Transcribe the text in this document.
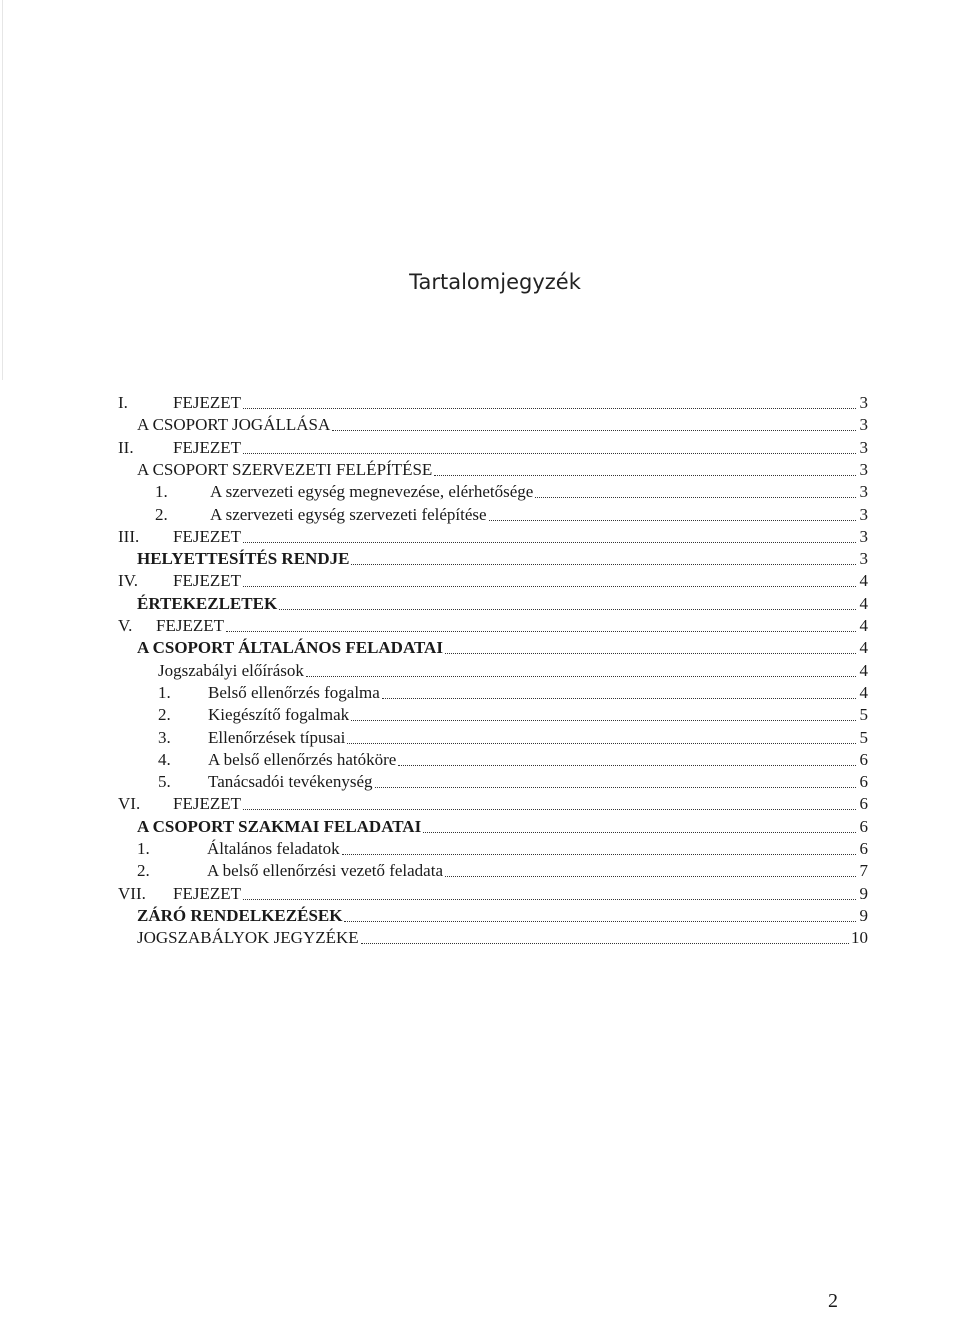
Tartalomjegyzék
I.	FEJEZET	3
A CSOPORT JOGÁLLÁSA	3
II.	FEJEZET	3
A CSOPORT SZERVEZETI FELÉPÍTÉSE	3
1.	A szervezeti egység megnevezése, elérhetősége	3
2.	A szervezeti egység szervezeti felépítése	3
III.	FEJEZET	3
HELYETTESÍTÉS RENDJE	3
IV.	FEJEZET	4
ÉRTEKEZLETEK	4
V.	FEJEZET	4
A CSOPORT ÁLTALÁNOS FELADATAI	4
Jogszabályi előírások	4
1.	Belső ellenőrzés fogalma	4
2.	Kiegészítő fogalmak	5
3.	Ellenőrzések típusai	5
4.	A belső ellenőrzés hatóköre	6
5.	Tanácsadói tevékenység	6
VI.	FEJEZET	6
A CSOPORT SZAKMAI FELADATAI	6
1.	Általános feladatok	6
2.	A belső ellenőrzési vezető feladata	7
VII.	FEJEZET	9
ZÁRÓ RENDELKEZÉSEK	9
JOGSZABÁLYOK JEGYZÉKE	10
2
